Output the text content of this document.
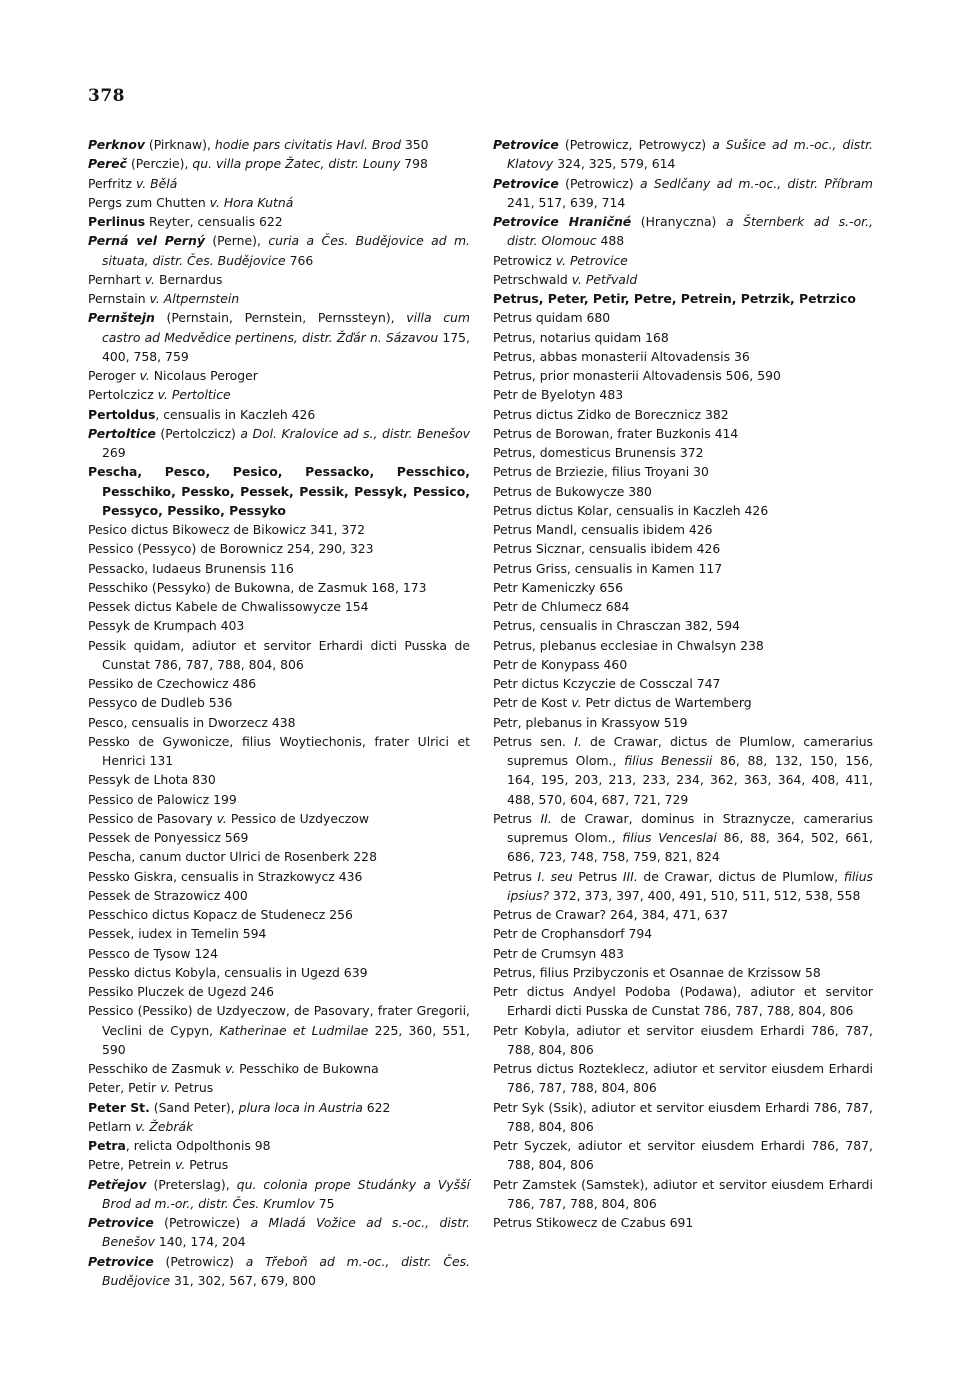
378

Perknov (Pirknaw), hodie pars civitatis Havl. Brod 350

Pereč (Perczie), qu. villa prope Žatec, distr. Louny 798

Perfritz v. Bělá

Pergs zum Chutten v. Hora Kutná

Perlinus Reyter, censualis 622

Perná vel Perný (Perne), curia a Čes. Budějovice ad m. situata, distr. Čes. Budějovice 766

Pernhart v. Bernardus

Pernstain v. Altpernstein

Pernštejn (Pernstain, Pernstein, Pernssteyn), villa cum castro ad Medvědice pertinens, distr. Žďár n. Sázavou 175, 400, 758, 759

Peroger v. Nicolaus Peroger

Pertolczicz v. Pertoltice

Pertoldus, censualis in Kaczleh 426

Pertoltice (Pertolczicz) a Dol. Kralovice ad s., distr. Benešov 269

Pescha, Pesco, Pesico, Pessacko, Pesschico, Pesschiko, Pessko, Pessek, Pessik, Pessyk, Pessico, Pessyco, Pessiko, Pessyko

Pesico dictus Bikowecz de Bikowicz 341, 372

Pessico (Pessyco) de Borownicz 254, 290, 323

Pessacko, Iudaeus Brunensis 116

Pesschiko (Pessyko) de Bukowna, de Zasmuk 168, 173

Pessek dictus Kabele de Chwalissowycze 154

Pessyk de Krumpach 403

Pessik quidam, adiutor et servitor Erhardi dicti Pusska de Cunstat 786, 787, 788, 804, 806

Pessiko de Czechowicz 486

Pessyco de Dudleb 536

Pesco, censualis in Dworzecz 438

Pessko de Gywonicze, filius Woytiechonis, frater Ulrici et Henrici 131

Pessyk de Lhota 830

Pessico de Palowicz 199

Pessico de Pasovary v. Pessico de Uzdyeczow

Pessek de Ponyessicz 569

Pescha, canum ductor Ulrici de Rosenberk 228

Pessko Giskra, censualis in Strazkowycz 436

Pessek de Strazowicz 400

Pesschico dictus Kopacz de Studenecz 256

Pessek, iudex in Temelin 594

Pessco de Tysow 124

Pessko dictus Kobyla, censualis in Ugezd 639

Pessiko Pluczek de Ugezd 246

Pessico (Pessiko) de Uzdyeczow, de Pasovary, frater Gregorii, Veclini de Cypyn, Katherinae et Ludmilae 225, 360, 551, 590

Pesschiko de Zasmuk v. Pesschiko de Bukowna

Peter, Petir v. Petrus

Peter St. (Sand Peter), plura loca in Austria 622

Petlarn v. Žebrák

Petra, relicta Odpolthonis 98

Petre, Petrein v. Petrus

Petřejov (Preterslag), qu. colonia prope Studánky a Vyšší Brod ad m.-or., distr. Čes. Krumlov 75

Petrovice (Petrowicze) a Mladá Vožice ad s.-oc., distr. Benešov 140, 174, 204

Petrovice (Petrowicz) a Třeboň ad m.-oc., distr. Čes. Budějovice 31, 302, 567, 679, 800

Petrovice (Petrowicz, Petrowycz) a Sušice ad m.-oc., distr. Klatovy 324, 325, 579, 614

Petrovice (Petrowicz) a Sedlčany ad m.-oc., distr. Příbram 241, 517, 639, 714

Petrovice Hraničné (Hranyczna) a Šternberk ad s.-or., distr. Olomouc 488

Petrowicz v. Petrovice

Petrschwald v. Petřvald

Petrus, Peter, Petir, Petre, Petrein, Petrzik, Petrzico

Petrus quidam 680

Petrus, notarius quidam 168

Petrus, abbas monasterii Altovadensis 36

Petrus, prior monasterii Altovadensis 506, 590

Petr de Byelotyn 483

Petrus dictus Zidko de Borecznicz 382

Petrus de Borowan, frater Buzkonis 414

Petrus, domesticus Brunensis 372

Petrus de Brziezie, filius Troyani 30

Petrus de Bukowycze 380

Petrus dictus Kolar, censualis in Kaczleh 426

Petrus Mandl, censualis ibidem 426

Petrus Sicznar, censualis ibidem 426

Petrus Griss, censualis in Kamen 117

Petr Kameniczky 656

Petr de Chlumecz 684

Petrus, censualis in Chrasczan 382, 594

Petrus, plebanus ecclesiae in Chwalsyn 238

Petr de Konypass 460

Petr dictus Kczyczie de Cossczal 747

Petr de Kost v. Petr dictus de Wartemberg

Petr, plebanus in Krassyow 519

Petrus sen. I. de Crawar, dictus de Plumlow, camerarius supremus Olom., filius Benessii 86, 88, 132, 150, 156, 164, 195, 203, 213, 233, 234, 362, 363, 364, 408, 411, 488, 570, 604, 687, 721, 729

Petrus II. de Crawar, dominus in Straznycze, camerarius supremus Olom., filius Venceslai 86, 88, 364, 502, 661, 686, 723, 748, 758, 759, 821, 824

Petrus I. seu Petrus III. de Crawar, dictus de Plumlow, filius ipsius? 372, 373, 397, 400, 491, 510, 511, 512, 538, 558

Petrus de Crawar? 264, 384, 471, 637

Petr de Crophansdorf 794

Petr de Crumsyn 483

Petrus, filius Przibyczonis et Osannae de Krzissow 58

Petr dictus Andyel Podoba (Podawa), adiutor et servitor Erhardi dicti Pusska de Cunstat 786, 787, 788, 804, 806

Petr Kobyla, adiutor et servitor eiusdem Erhardi 786, 787, 788, 804, 806

Petrus dictus Rozteklecz, adiutor et servitor eiusdem Erhardi 786, 787, 788, 804, 806

Petr Syk (Ssik), adiutor et servitor eiusdem Erhardi 786, 787, 788, 804, 806

Petr Syczek, adiutor et servitor eiusdem Erhardi 786, 787, 788, 804, 806

Petr Zamstek (Samstek), adiutor et servitor eiusdem Erhardi 786, 787, 788, 804, 806

Petrus Stikowecz de Czabus 691
